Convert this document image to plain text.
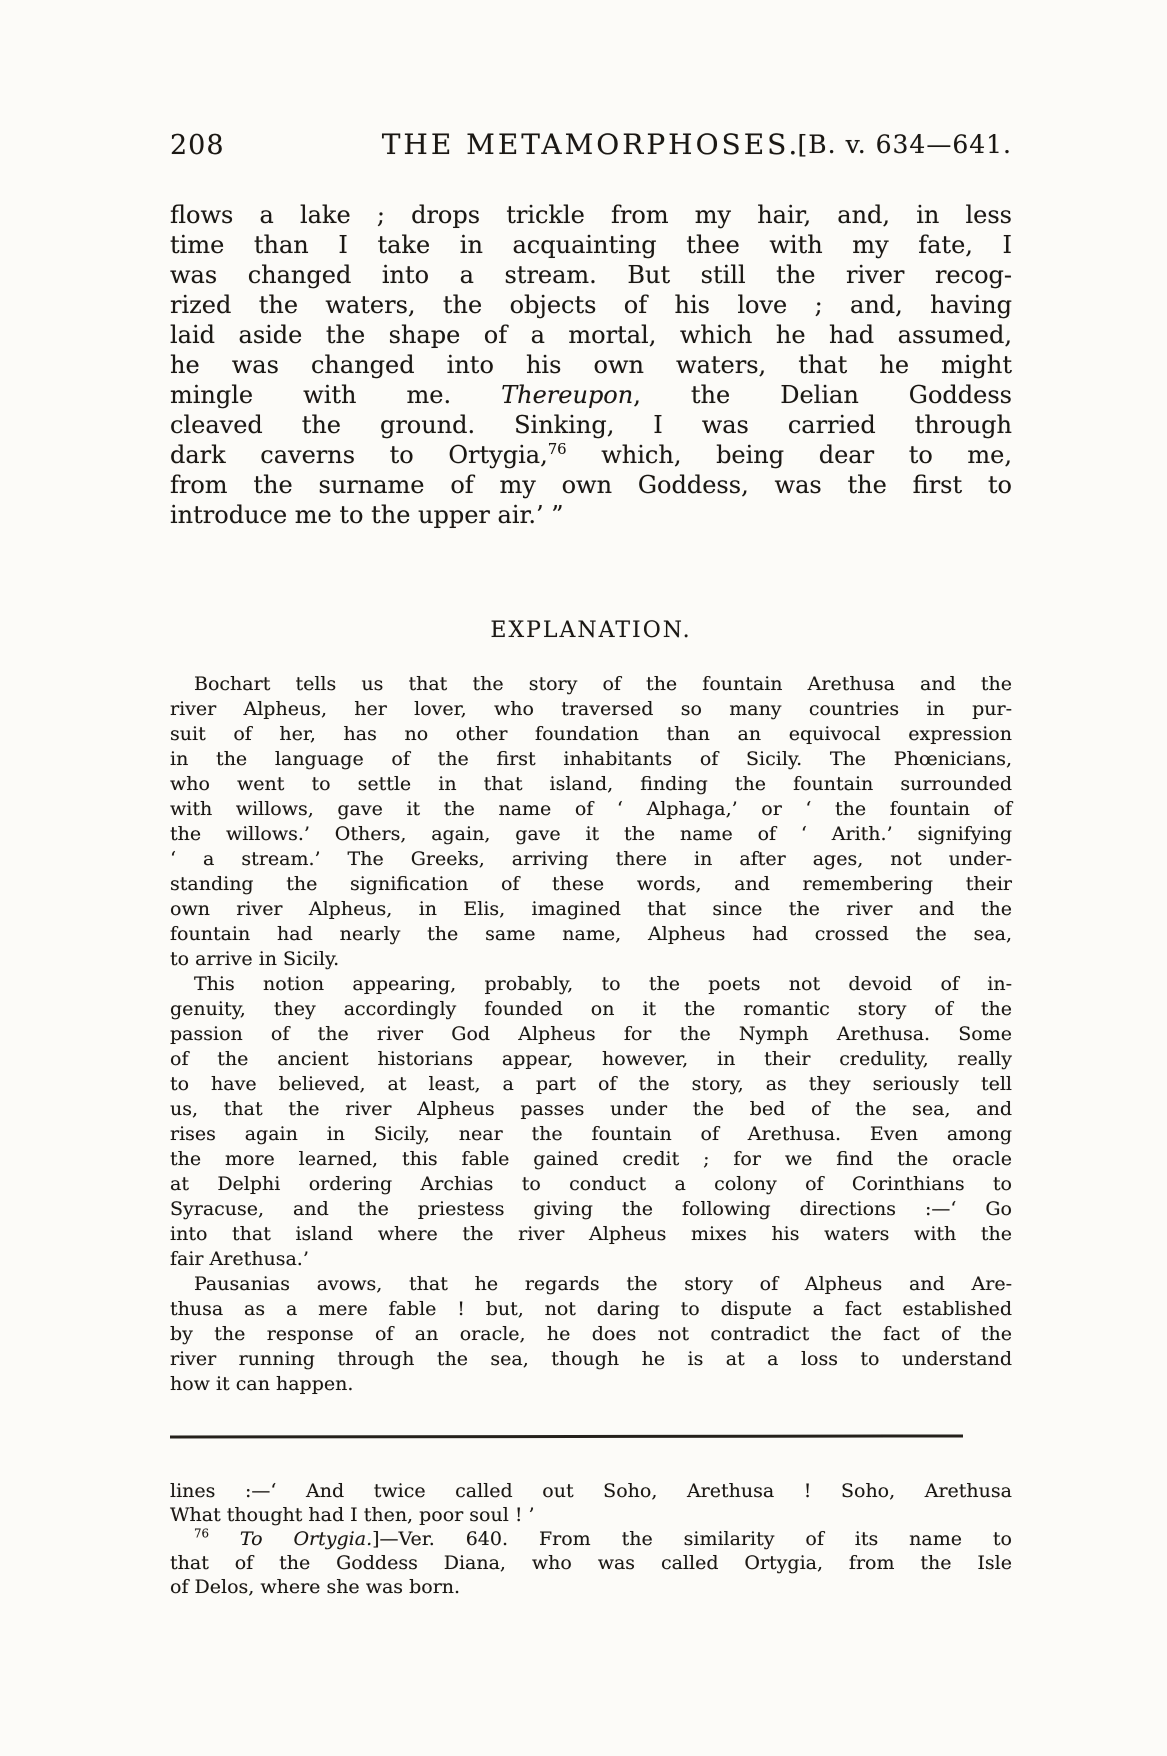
208	THE METAMORPHOSES.
[B. v. 634—641.
flows a lake ; drops trickle from my hair, and, in less
time than I take in acquainting thee with my fate, I
was changed into a stream. But still the river recog-
rized the waters, the objects of his love ; and, having
laid aside the shape of a mortal, which he had assumed,
he was changed into his own waters, that he might
mingle with me. Thereupon, the Delian Goddess
cleaved the ground. Sinking, I was carried through
dark caverns to Ortygia,$^{76}$ which, being dear to me,
from the surname of my own Goddess, was the first to
introduce me to the upper air.’ ”
EXPLANATION.
Bochart tells us that the story of the fountain Arethusa and the
river Alpheus, her lover, who traversed so many countries in pur-
suit of her, has no other foundation than an equivocal expression
in the language of the first inhabitants of Sicily. The Phœnicians,
who went to settle in that island, finding the fountain surrounded
with willows, gave it the name of ‘ Alphaga,’ or ‘ the fountain of
the willows.’ Others, again, gave it the name of ‘ Arith.’ signifying
‘ a stream.’ The Greeks, arriving there in after ages, not under-
standing the signification of these words, and remembering their
own river Alpheus, in Elis, imagined that since the river and the
fountain had nearly the same name, Alpheus had crossed the sea,
to arrive in Sicily.
This notion appearing, probably, to the poets not devoid of in-
genuity, they accordingly founded on it the romantic story of the
passion of the river God Alpheus for the Nymph Arethusa. Some
of the ancient historians appear, however, in their credulity, really
to have believed, at least, a part of the story, as they seriously tell
us, that the river Alpheus passes under the bed of the sea, and
rises again in Sicily, near the fountain of Arethusa. Even among
the more learned, this fable gained credit ; for we find the oracle
at Delphi ordering Archias to conduct a colony of Corinthians to
Syracuse, and the priestess giving the following directions :—‘ Go
into that island where the river Alpheus mixes his waters with the
fair Arethusa.’
Pausanias avows, that he regards the story of Alpheus and Are-
thusa as a mere fable ! but, not daring to dispute a fact established
by the response of an oracle, he does not contradict the fact of the
river running through the sea, though he is at a loss to understand
how it can happen.
lines :—‘ And twice called out Soho, Arethusa ! Soho, Arethusa
What thought had I then, poor soul ! ’
$^{76}$ To Ortygia.]—Ver. 640. From the similarity of its name to
that of the Goddess Diana, who was called Ortygia, from the Isle
of Delos, where she was born.
